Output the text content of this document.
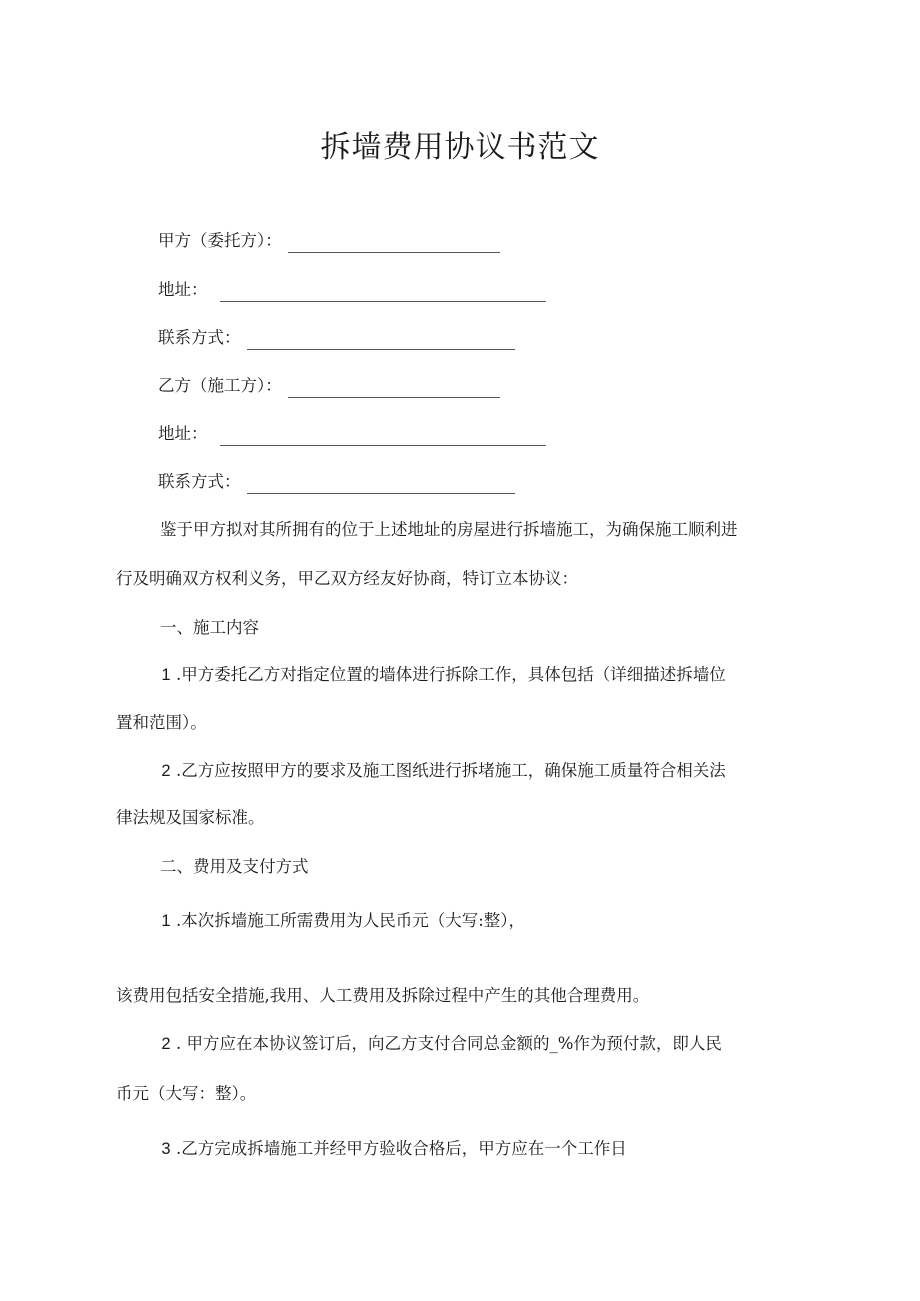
拆墙费用协议书范文
甲方（委托方）：
地址：
联系方式：
乙方（施工方）：
地址：
联系方式：
鉴于甲方拟对其所拥有的位于上述地址的房屋进行拆墙施工，为确保施工顺利进
行及明确双方权利义务，甲乙双方经友好协商，特订立本协议：
一、施工内容
1 .甲方委托乙方对指定位置的墙体进行拆除工作，具体包括（详细描述拆墙位
置和范围）。
2 .乙方应按照甲方的要求及施工图纸进行拆堵施工，确保施工质量符合相关法
律法规及国家标准。
二、费用及支付方式
1 .本次拆墙施工所需费用为人民币元（大写:整），
该费用包括安全措施,我用、人工费用及拆除过程中产生的其他合理费用。
2 . 甲方应在本协议签订后，向乙方支付合同总金额的_%作为预付款，即人民
币元（大写：整）。
3 .乙方完成拆墙施工并经甲方验收合格后，甲方应在一个工作日
